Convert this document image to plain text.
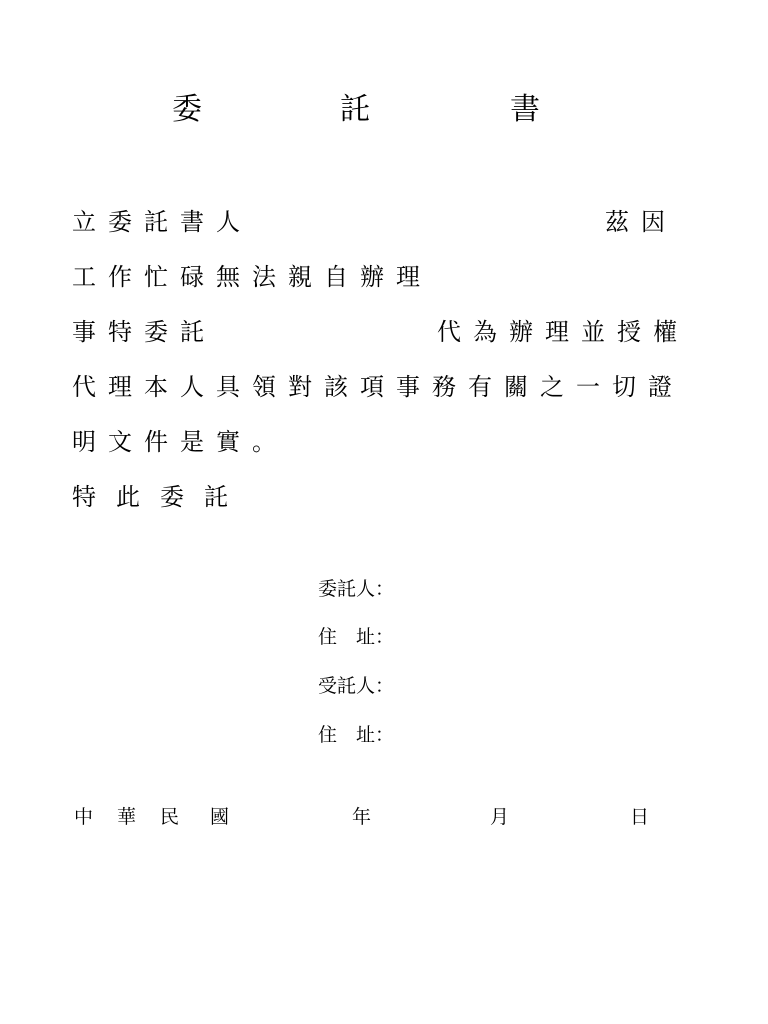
委	託	書
立委託書人	茲因
工作忙碌無法親自辦理
事特委託	代為辦理並授權
代理本人具領對該項事務有關之一切證
明文件是實。
特此委託
委託人：
住　址：
受託人：
住　址：
中 華 民 國	年	月	日
